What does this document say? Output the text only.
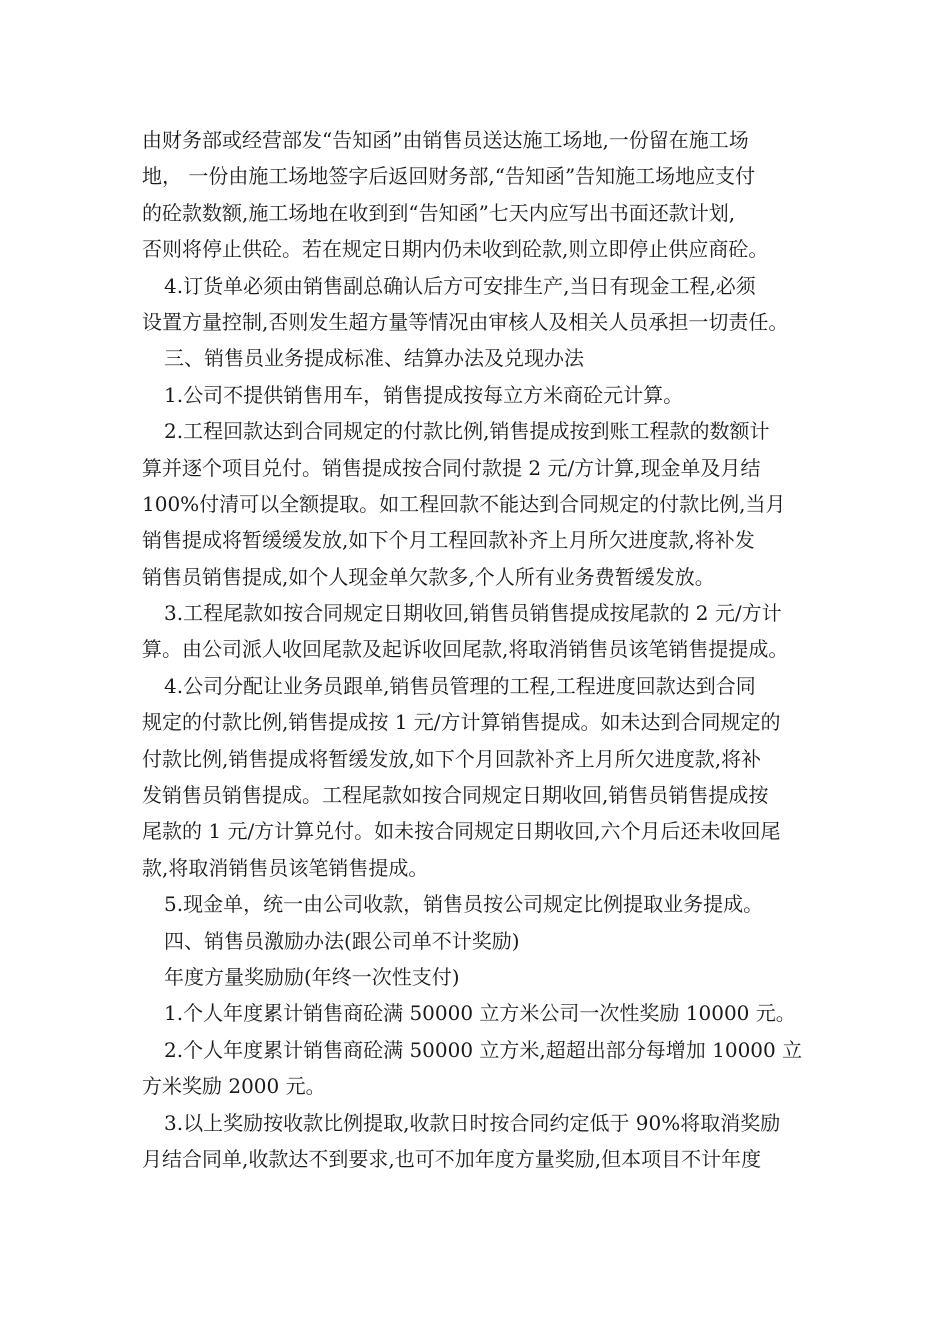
由财务部或经营部发“告知函”由销售员送达施工场地,一份留在施工场
地， 一份由施工场地签字后返回财务部,“告知函”告知施工场地应支付
的砼款数额,施工场地在收到到“告知函”七天内应写出书面还款计划,
否则将停止供砼。若在规定日期内仍未收到砼款,则立即停止供应商砼。
4.订货单必须由销售副总确认后方可安排生产,当日有现金工程,必须
设置方量控制,否则发生超方量等情况由审核人及相关人员承担一切责任。
三、销售员业务提成标准、结算办法及兑现办法
1.公司不提供销售用车，销售提成按每立方米商砼元计算。
2.工程回款达到合同规定的付款比例,销售提成按到账工程款的数额计
算并逐个项目兑付。销售提成按合同付款提 2 元/方计算,现金单及月结
100%付清可以全额提取。如工程回款不能达到合同规定的付款比例,当月
销售提成将暂缓缓发放,如下个月工程回款补齐上月所欠进度款,将补发
销售员销售提成,如个人现金单欠款多,个人所有业务费暂缓发放。
3.工程尾款如按合同规定日期收回,销售员销售提成按尾款的 2 元/方计
算。由公司派人收回尾款及起诉收回尾款,将取消销售员该笔销售提提成。
4.公司分配让业务员跟单,销售员管理的工程,工程进度回款达到合同
规定的付款比例,销售提成按 1 元/方计算销售提成。如未达到合同规定的
付款比例,销售提成将暂缓发放,如下个月回款补齐上月所欠进度款,将补
发销售员销售提成。工程尾款如按合同规定日期收回,销售员销售提成按
尾款的 1 元/方计算兑付。如未按合同规定日期收回,六个月后还未收回尾
款,将取消销售员该笔销售提成。
5.现金单，统一由公司收款，销售员按公司规定比例提取业务提成。
四、销售员激励办法(跟公司单不计奖励)
年度方量奖励励(年终一次性支付)
1.个人年度累计销售商砼满 50000 立方米公司一次性奖励 10000 元。
2.个人年度累计销售商砼满 50000 立方米,超超出部分每增加 10000 立
方米奖励 2000 元。
3.以上奖励按收款比例提取,收款日时按合同约定低于 90%将取消奖励
月结合同单,收款达不到要求,也可不加年度方量奖励,但本项目不计年度
